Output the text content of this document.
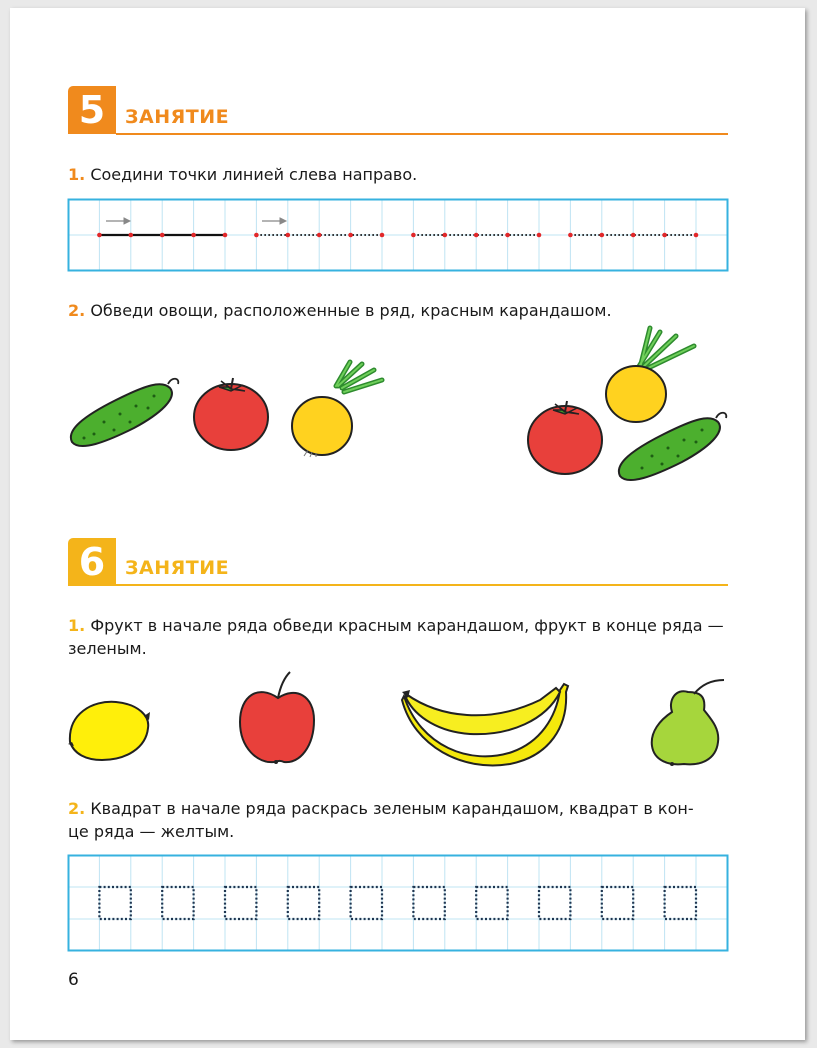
5	ЗАНЯТИЕ
1. Соедини точки линией слева направо.
2. Обведи овощи, расположенные в ряд, красным карандашом.
6	ЗАНЯТИЕ
1. Фрукт в начале ряда обведи красным карандашом, фрукт в конце ряда —
зеленым.
2. Квадрат в начале ряда раскрась зеленым карандашом, квадрат в кон-
це ряда — желтым.
6
